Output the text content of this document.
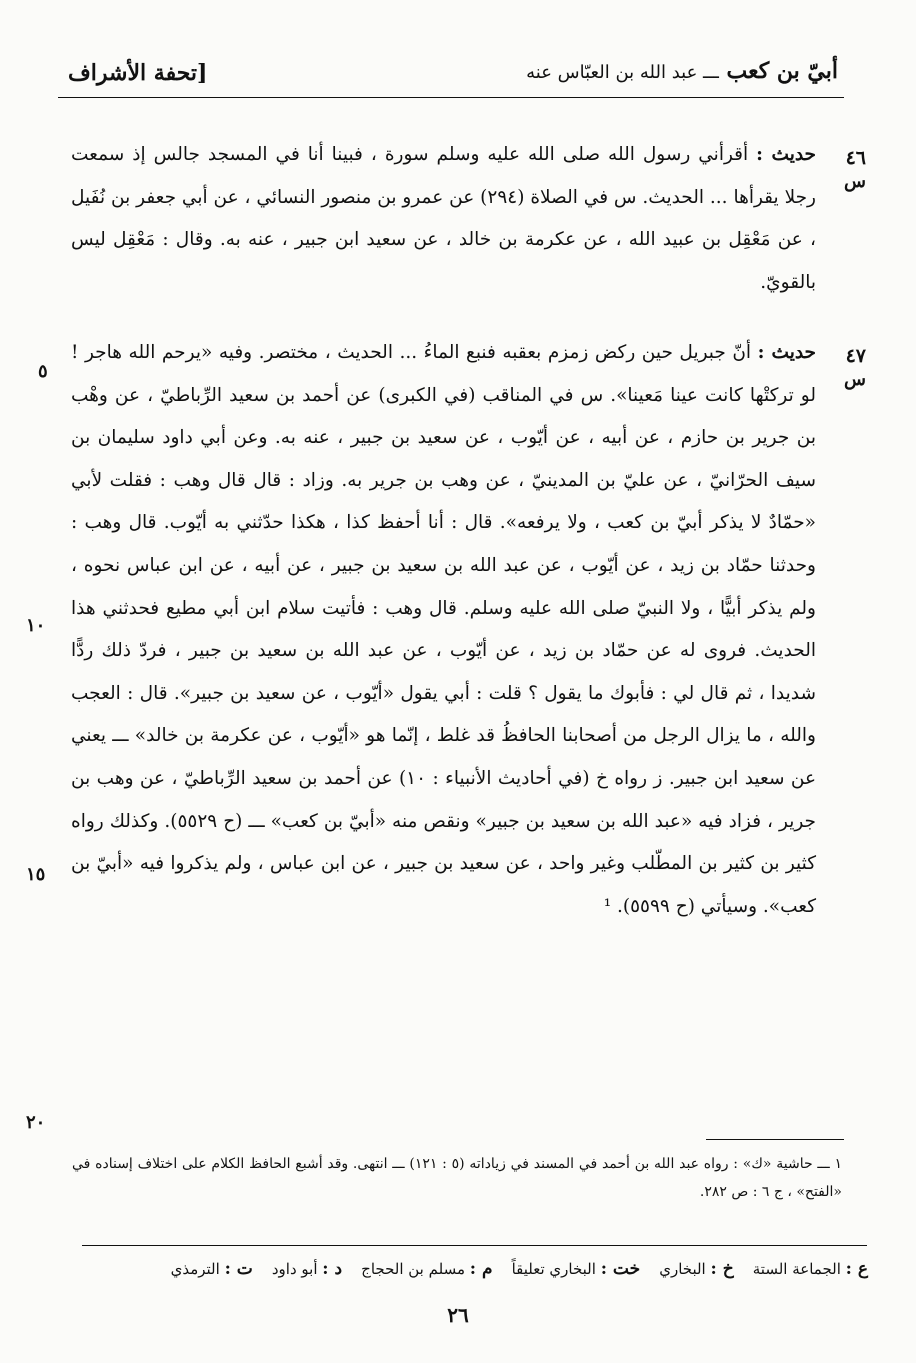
أبيّ بن كعب ـــ عبد الله بن العبّاس عنه
[تحفة الأشراف
٤٦
س
حديث : أقرأني رسول الله صلى الله عليه وسلم سورة ، فبينا أنا في المسجد جالس إذ سمعت رجلا يقرأها ... الحديث. س في الصلاة (٢٩٤) عن عمرو بن منصور النسائي ، عن أبي جعفر بن نُفَيل ، عن مَعْقِل بن عبيد الله ، عن عكرمة بن خالد ، عن سعيد ابن جبير ، عنه به. وقال : مَعْقِل ليس بالقويّ.
٤٧
س
حديث : أنّ جبريل حين ركض زمزم بعقبه فنبع الماءُ ... الحديث ، مختصر. وفيه «يرحم الله هاجر ! لو تركتْها كانت عينا مَعينا». س في المناقب (في الكبرى) عن أحمد بن سعيد الرِّباطيّ ، عن وهْب بن جرير بن حازم ، عن أبيه ، عن أيّوب ، عن سعيد بن جبير ، عنه به. وعن أبي داود سليمان بن سيف الحرّانيّ ، عن عليّ بن المدينيّ ، عن وهب بن جرير به. وزاد : قال قال وهب : فقلت لأبي «حمّادٌ لا يذكر أبيّ بن كعب ، ولا يرفعه». قال : أنا أحفظ كذا ، هكذا حدّثني به أيّوب. قال وهب : وحدثنا حمّاد بن زيد ، عن أيّوب ، عن عبد الله بن سعيد بن جبير ، عن أبيه ، عن ابن عباس نحوه ، ولم يذكر أبيًّا ، ولا النبيّ صلى الله عليه وسلم. قال وهب : فأتيت سلام ابن أبي مطيع فحدثني هذا الحديث. فروى له عن حمّاد بن زيد ، عن أيّوب ، عن عبد الله بن سعيد بن جبير ، فردّ ذلك ردًّا شديدا ، ثم قال لي : فأبوك ما يقول ؟ قلت : أبي يقول «أيّوب ، عن سعيد بن جبير». قال : العجب والله ، ما يزال الرجل من أصحابنا الحافظُ قد غلط ، إنّما هو «أيّوب ، عن عكرمة بن خالد» ـــ يعني عن سعيد ابن جبير. ز رواه خ (في أحاديث الأنبياء : ١٠) عن أحمد بن سعيد الرِّباطيّ ، عن وهب بن جرير ، فزاد فيه «عبد الله بن سعيد بن جبير» ونقص منه «أبيّ بن كعب» ـــ (ح ٥٥٢٩). وكذلك رواه كثير بن كثير بن المطّلب وغير واحد ، عن سعيد بن جبير ، عن ابن عباس ، ولم يذكروا فيه «أبيّ بن كعب». وسيأتي (ح ٥٥٩٩). ¹
٥
١٠
١٥
٢٠
١ ـــ حاشية «ك» : رواه عبد الله بن أحمد في المسند في زياداته (٥ : ١٢١) ـــ انتهى. وقد أشبع الحافظ الكلام على اختلاف إسناده في «الفتح» ، ج ٦ : ص ٢٨٢.
ع : الجماعة الستة    خ : البخاري    خت : البخاري تعليقاً    م : مسلم بن الحجاج    د : أبو داود    ت : الترمذي
٢٦
